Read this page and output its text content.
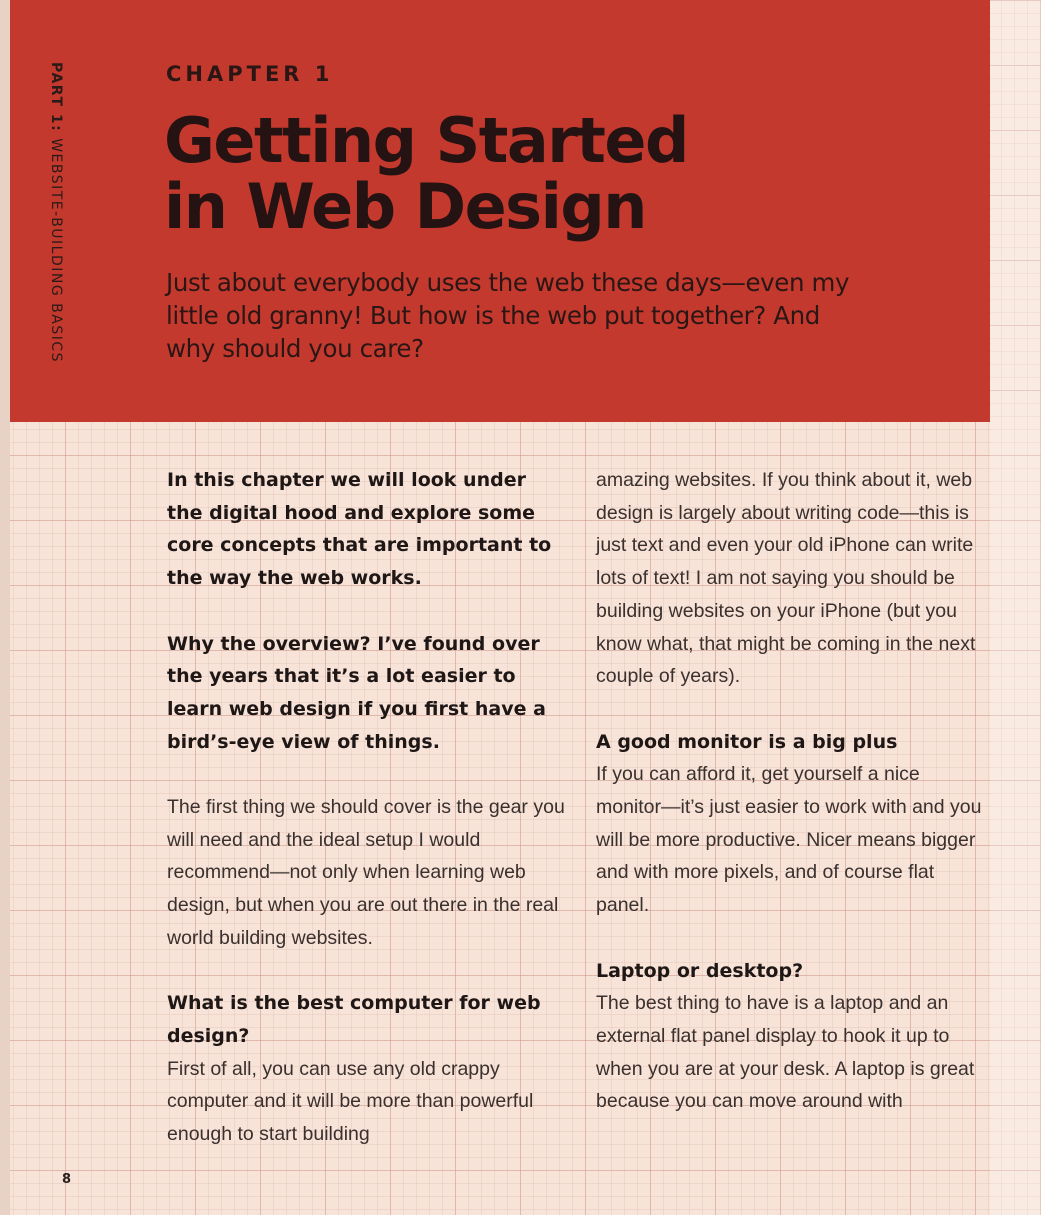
PART 1: WEBSITE-BUILDING BASICS
CHAPTER 1
Getting Started
in Web Design
Just about everybody uses the web these days—even my little old granny! But how is the web put together? And why should you care?

In this chapter we will look under the digital hood and explore some core concepts that are important to the way the web works.

Why the overview? I’ve found over the years that it’s a lot easier to learn web design if you first have a bird’s-eye view of things.

The first thing we should cover is the gear you will need and the ideal setup I would recommend—not only when learning web design, but when you are out there in the real world building websites.

What is the best computer for web design?

First of all, you can use any old crappy computer and it will be more than powerful enough to start building

amazing websites. If you think about it, web design is largely about writing code—this is just text and even your old iPhone can write lots of text! I am not saying you should be building websites on your iPhone (but you know what, that might be coming in the next couple of years).

A good monitor is a big plus

If you can afford it, get yourself a nice monitor—it’s just easier to work with and you will be more productive. Nicer means bigger and with more pixels, and of course flat panel.

Laptop or desktop?

The best thing to have is a laptop and an external flat panel display to hook it up to when you are at your desk. A laptop is great because you can move around with

8
